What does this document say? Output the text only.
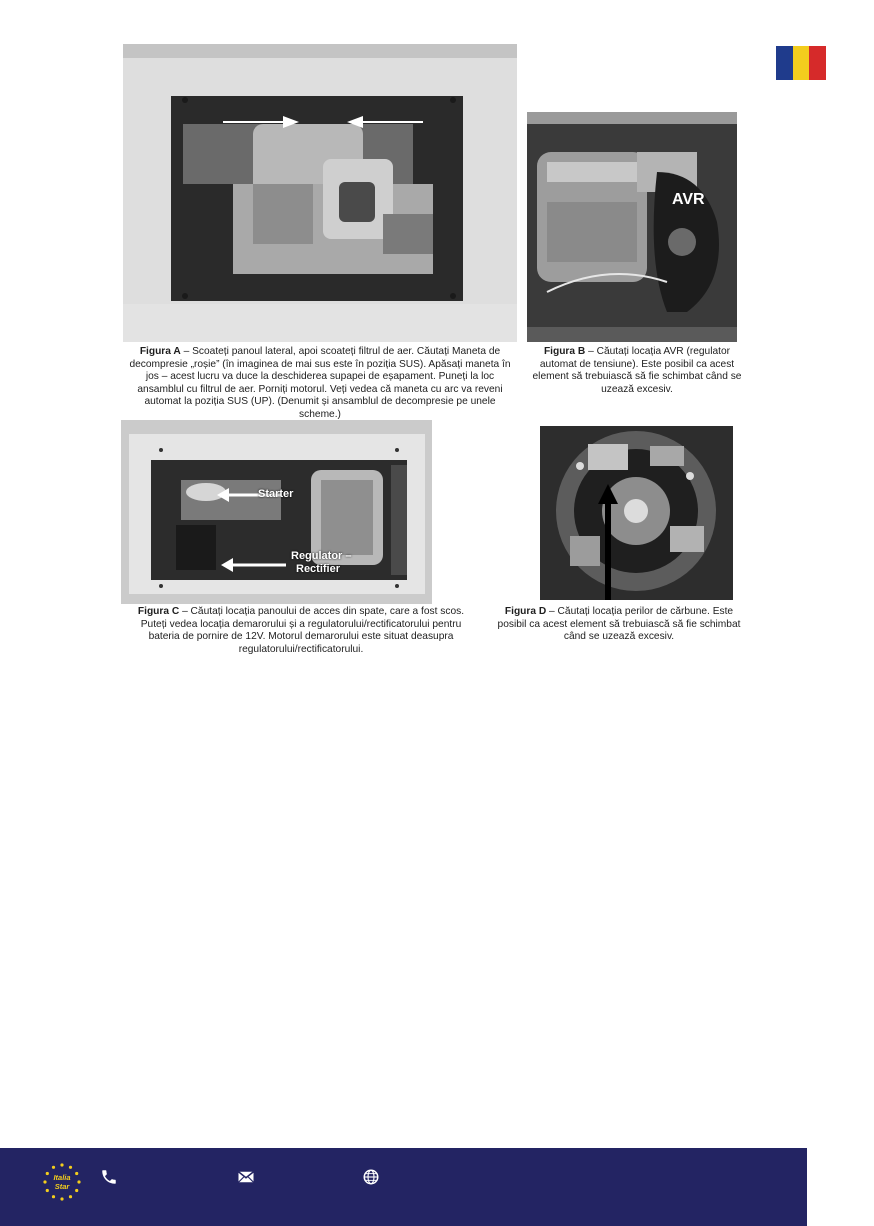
AVR
Figura A – Scoateți panoul lateral, apoi scoateți filtrul de aer. Căutați Maneta de decompresie „roșie” (în imaginea de mai sus este în poziția SUS). Apăsați maneta în jos – acest lucru va duce la deschiderea supapei de eșapament. Puneți la loc ansamblul cu filtrul de aer. Porniți motorul. Veți vedea că maneta cu arc va reveni automat la poziția SUS (UP). (Denumit și ansamblul de decompresie pe unele scheme.)
Figura B – Căutați locația AVR (regulator automat de tensiune). Este posibil ca acest element să trebuiască să fie schimbat când se uzează excesiv.
Starter
Regulator –
Rectifier
Figura C – Căutați locația panoului de acces din spate, care a fost scos. Puteți vedea locația demarorului și a regulatorului/rectificatorului pentru bateria de pornire de 12V. Motorul demarorului este situat deasupra regulatorului/rectificatorului.
Figura D – Căutați locația perilor de cărbune. Este posibil ca acest element să trebuiască să fie schimbat când se uzează excesiv.
Italia
Star
